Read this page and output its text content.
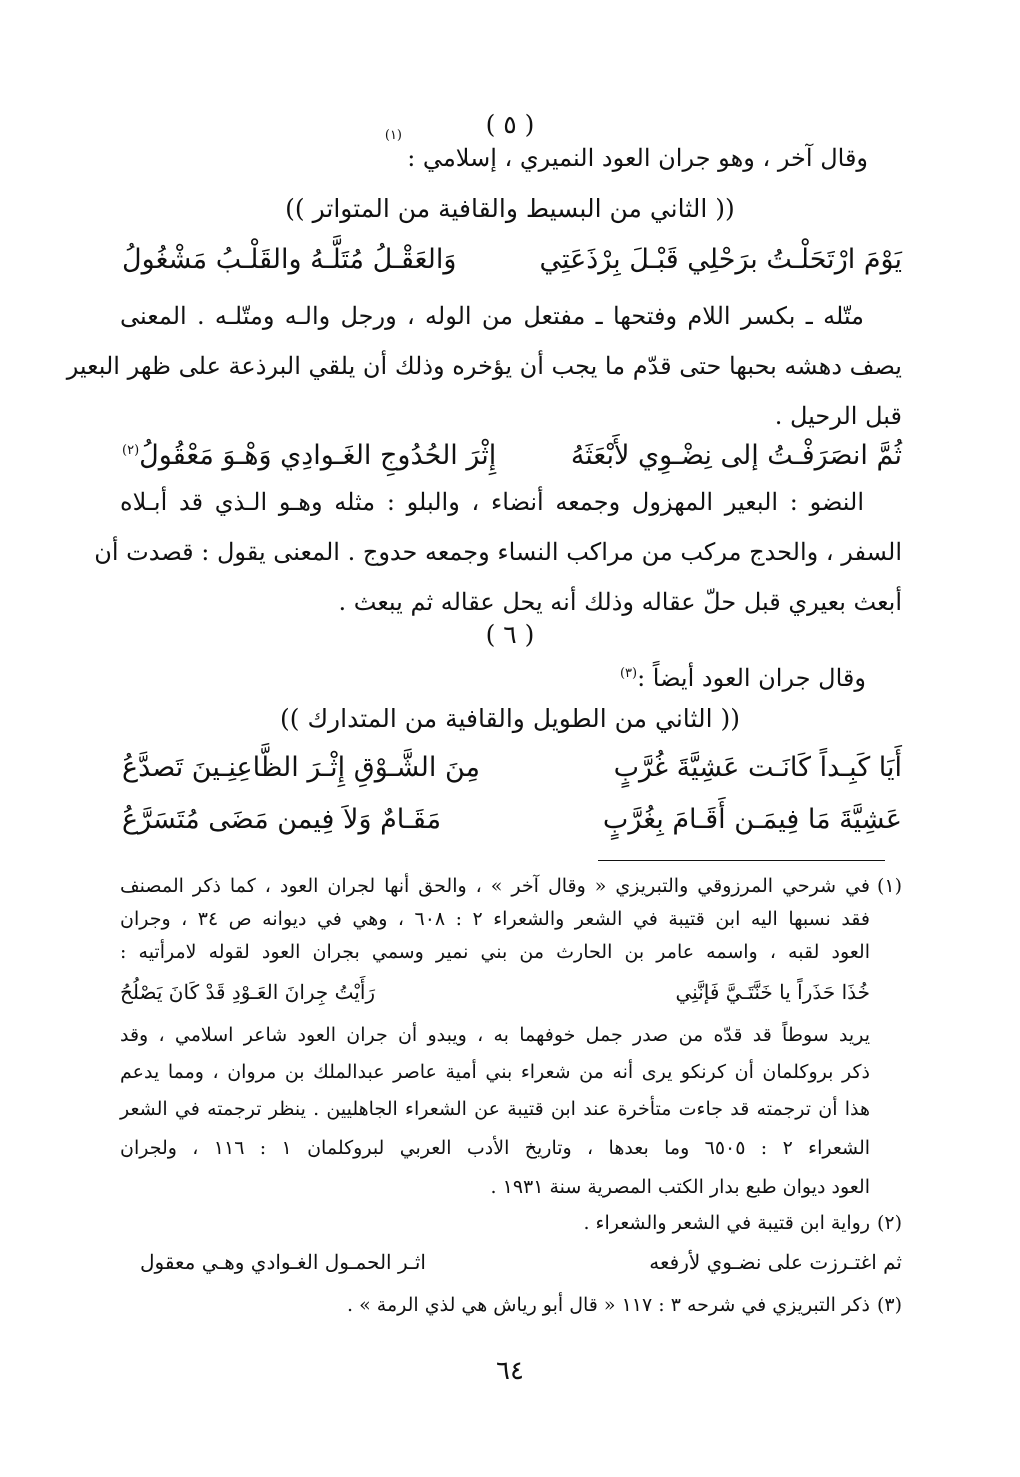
( ٥ )
(١)
وقال آخر ، وهو جران العود النميري ، إسلامي :
(( الثاني من البسيط والقافية من المتواتر ))
يَوْمَ ارْتَحَلْـتُ برَحْلِي قَبْـلَ بِرْذَعَتِي
وَالعَقْـلُ مُتَلَّـهُ والقَلْـبُ مَشْغُولُ
متّله ـ بكسر اللام وفتحها ـ مفتعل من الوله ، ورجل والـه ومتّلـه . المعنى
يصف دهشه بحبها حتى قدّم ما يجب أن يؤخره وذلك أن يلقي البرذعة على ظهر البعير
قبل الرحيل .
ثُمَّ انصَرَفْـتُ إلى نِضْـوِي لأَبْعَثَهُ
إِثْرَ الحُدُوجِ الغَـوادِي وَهْـوَ مَعْقُولُ$^{(٢)}$
النضو : البعير المهزول وجمعه أنضاء ، والبلو : مثله وهـو الـذي قد أبـلاه
السفر ، والحدج مركب من مراكب النساء وجمعه حدوج . المعنى يقول : قصدت أن
أبعث بعيري قبل حلّ عقاله وذلك أنه يحل عقاله ثم يبعث .
( ٦ )
وقال جران العود أيضاً :$^{(٣)}$
(( الثاني من الطويل والقافية من المتدارك ))
أَيَا كَبِـداً كَانَـت عَشِيَّةَ غُرَّبٍ
مِنَ الشَّـوْقِ إِثْـرَ الظَّاعِنِـينَ تَصدَّعُ
عَشِيَّةَ مَا فِيمَـن أَقَـامَ بِغُرَّبٍ
مَقَـامٌ وَلاَ فِيمن مَضَى مُتَسَرَّعُ
(١)
في شرحي المرزوقي والتبريزي « وقال آخر » ، والحق أنها لجران العود ، كما ذكر المصنف
فقد نسبها اليه ابن قتيبة في الشعر والشعراء ٢ : ٦٠٨ ، وهي في ديوانه ص ٣٤ ، وجران
العود لقبه ، واسمه عامر بن الحارث من بني نمير وسمي بجران العود لقوله لامرأتيه :
خُذَا حَذَراً يا خَنَّتَـيَّ فَإنَّنِي
رَأَيْتُ جِرانَ العَـوْدِ قَدْ كَانَ يَصْلُحُ
يريد سوطاً قد قدّه من صدر جمل خوفهما به ، ويبدو أن جران العود شاعر اسلامي ، وقد
ذكر بروكلمان أن كرنكو يرى أنه من شعراء بني أمية عاصر عبدالملك بن مروان ، ومما يدعم
هذا أن ترجمته قد جاءت متأخرة عند ابن قتيبة عن الشعراء الجاهليين . ينظر ترجمته في الشعر
الشعراء ٢ : ٦٥٠٥ وما بعدها ، وتاريخ الأدب العربي لبروكلمان ١ : ١١٦ ، ولجران
العود ديوان طبع بدار الكتب المصرية سنة ١٩٣١ .
(٢)
رواية ابن قتيبة في الشعر والشعراء .
ثم اغتـرزت على نضـوي لأرفعه
اثـر الحمـول الغـوادي وهـي معقول
(٣)
ذكر التبريزي في شرحه ٣ : ١١٧ « قال أبو رياش هي لذي الرمة » .
٦٤
